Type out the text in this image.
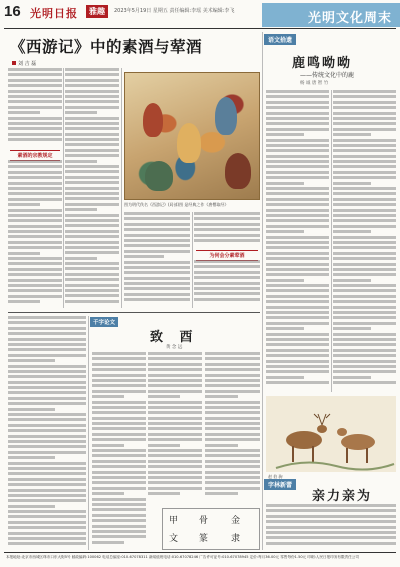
16 光明日报	雅趣	2023年5月19日 星期五 责任编辑:李瑶 美术编辑:李飞	光明文化周末
《西游记》中的素酒与荤酒
刘 吉 磊
素酒的宗教规定
图为明代佚名《西游记》(局部)图 是经典之作《唐僧取经》
为何会分素荤酒
千字论文
致 酉
黄 念 远
甲 骨	金
文 篆	隶
语文拾遗
鹿鸣呦呦
——传统文化中的鹿
杨 诚 唐 智 竹
赵 伯 驹
字林新蕾
亲力亲为
本报地址:北京市西城区珠市口东大街5号 邮政编码:100062 电话总编室:010-67078311 新闻值班电话:010-67078246 广告许可证号:010-67078945 定价:每月36.00元 零售每份1.50元 印刷:人民日报印务有限责任公司
